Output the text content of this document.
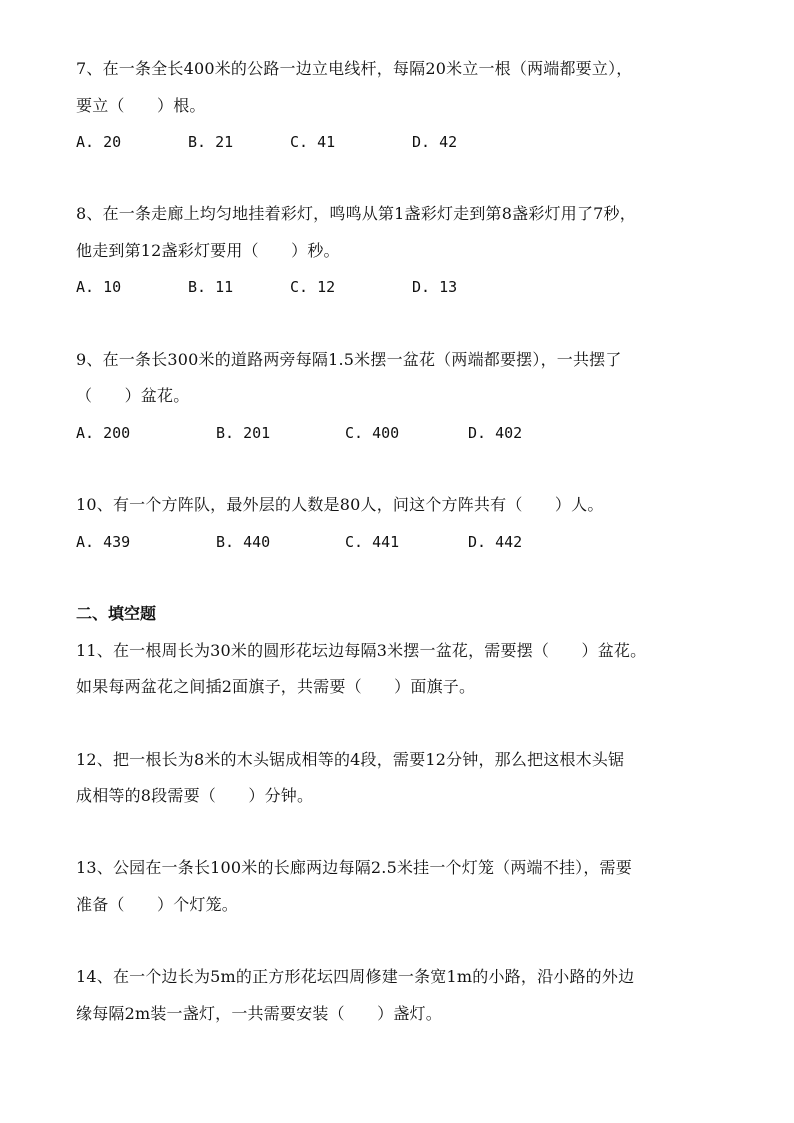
7、在一条全长400米的公路一边立电线杆，每隔20米立一根（两端都要立），
要立（　　）根。
A. 20	B. 21	C. 41	D. 42
8、在一条走廊上均匀地挂着彩灯，鸣鸣从第1盏彩灯走到第8盏彩灯用了7秒，
他走到第12盏彩灯要用（　　）秒。
A. 10	B. 11	C. 12	D. 13
9、在一条长300米的道路两旁每隔1.5米摆一盆花（两端都要摆），一共摆了
（　　）盆花。
A. 200	B. 201	C. 400	D. 402
10、有一个方阵队，最外层的人数是80人，问这个方阵共有（　　）人。
A. 439	B. 440	C. 441	D. 442
二、填空题
11、在一根周长为30米的圆形花坛边每隔3米摆一盆花，需要摆（　　）盆花。
如果每两盆花之间插2面旗子，共需要（　　）面旗子。
12、把一根长为8米的木头锯成相等的4段，需要12分钟，那么把这根木头锯
成相等的8段需要（　　）分钟。
13、公园在一条长100米的长廊两边每隔2.5米挂一个灯笼（两端不挂），需要
准备（　　）个灯笼。
14、在一个边长为5m的正方形花坛四周修建一条宽1m的小路，沿小路的外边
缘每隔2m装一盏灯，一共需要安装（　　）盏灯。
